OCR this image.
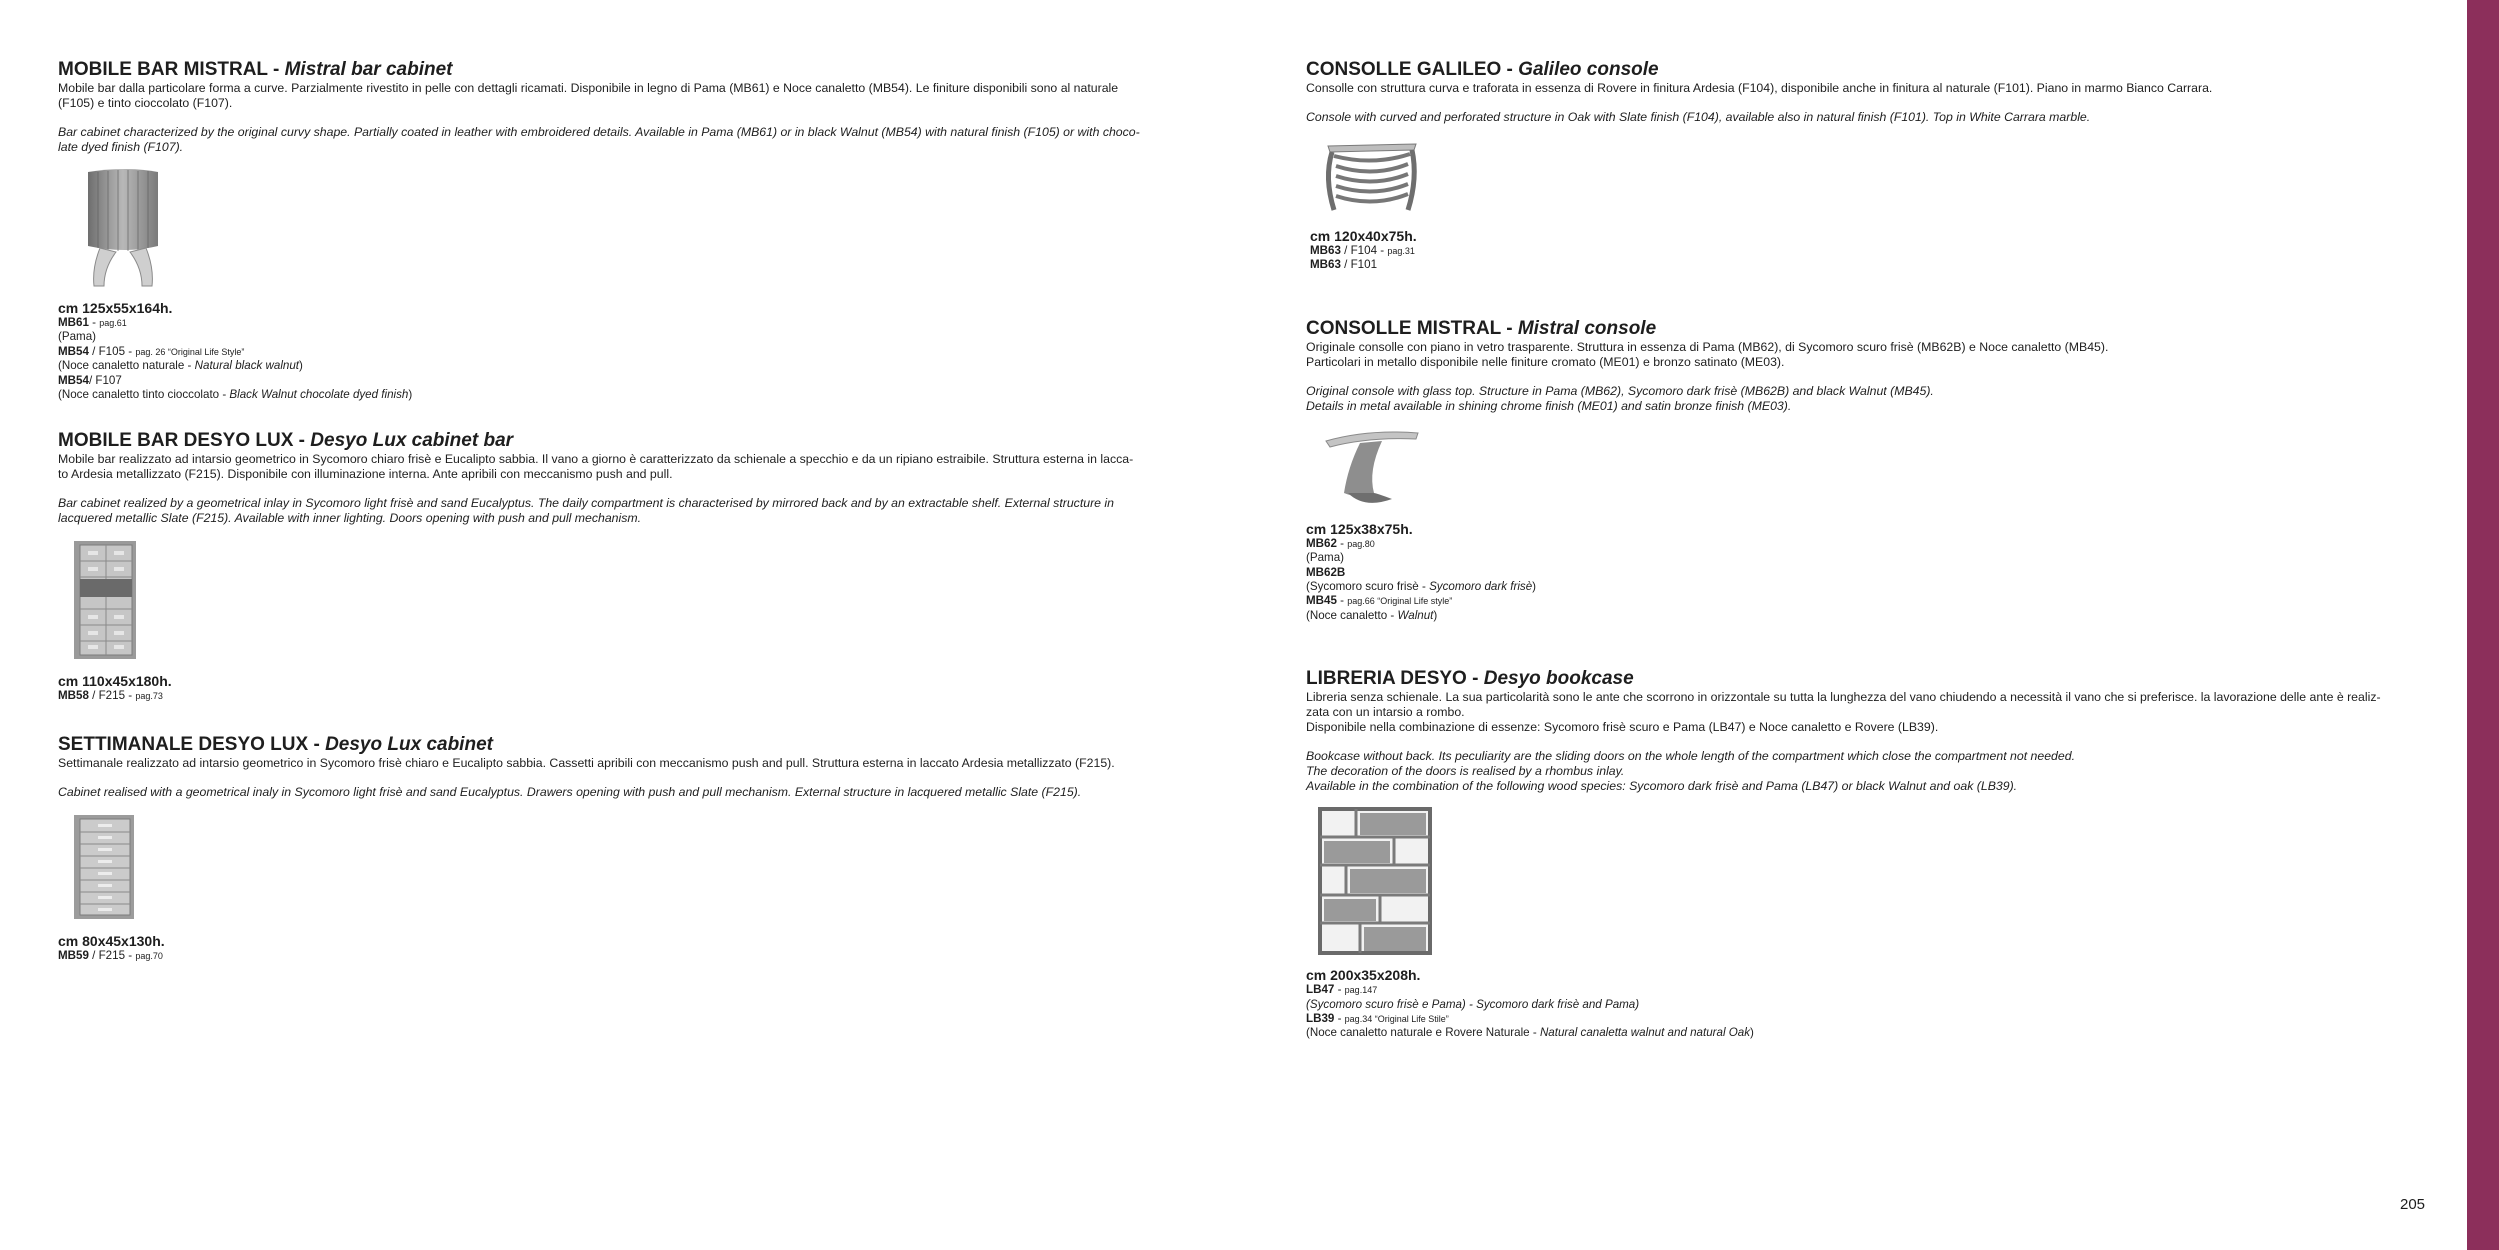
MOBILE BAR MISTRAL - Mistral bar cabinet

Mobile bar dalla particolare forma a curve. Parzialmente rivestito in pelle con dettagli ricamati. Disponibile in legno di Pama (MB61) e Noce canaletto (MB54). Le finiture disponibili sono al naturale
(F105) e tinto cioccolato (F107).

Bar cabinet characterized by the original curvy shape. Partially coated in leather with embroidered details. Available in Pama (MB61) or in black Walnut (MB54) with natural finish (F105) or with choco-
late dyed finish (F107).

cm 125x55x164h.

MB61 - pag.61
(Pama)
MB54 / F105 - pag. 26 “Original Life Style”
(Noce canaletto naturale - Natural black walnut)
MB54/ F107
(Noce canaletto tinto cioccolato - Black Walnut chocolate dyed finish)
MOBILE BAR DESYO LUX - Desyo Lux cabinet bar

Mobile bar realizzato ad intarsio geometrico in Sycomoro chiaro frisè e Eucalipto sabbia. Il vano a giorno è caratterizzato da schienale a specchio e da un ripiano estraibile. Struttura esterna in lacca-
to Ardesia metallizzato (F215). Disponibile con illuminazione interna. Ante apribili con meccanismo push and pull.

Bar cabinet realized by a geometrical inlay in Sycomoro light frisè and sand Eucalyptus. The daily compartment is characterised by mirrored back and by an extractable shelf. External structure in
lacquered metallic Slate (F215). Available with inner lighting. Doors opening with push and pull mechanism.

cm 110x45x180h.

MB58 / F215 - pag.73
SETTIMANALE DESYO LUX - Desyo Lux cabinet

Settimanale realizzato ad intarsio geometrico in Sycomoro frisè chiaro e Eucalipto sabbia. Cassetti apribili con meccanismo push and pull. Struttura esterna in laccato Ardesia metallizzato (F215).

Cabinet realised with a geometrical inaly in Sycomoro light frisè and sand Eucalyptus. Drawers opening with push and pull mechanism. External structure in lacquered metallic Slate (F215).

cm 80x45x130h.

MB59 / F215 - pag.70
CONSOLLE GALILEO - Galileo console

Consolle con struttura curva e traforata in essenza di Rovere in finitura Ardesia (F104), disponibile anche in finitura al naturale (F101). Piano in marmo Bianco Carrara.

Console with curved and perforated structure in Oak with Slate finish (F104), available also in natural finish (F101). Top in White Carrara marble.

cm 120x40x75h.

MB63 / F104 - pag.31
MB63 / F101
CONSOLLE MISTRAL - Mistral console

Originale consolle con piano in vetro trasparente. Struttura in essenza di Pama (MB62), di Sycomoro scuro frisè (MB62B) e Noce canaletto (MB45).
Particolari in metallo disponibile nelle finiture cromato (ME01) e bronzo satinato (ME03).

Original console with glass top. Structure in Pama (MB62), Sycomoro dark frisè (MB62B) and black Walnut (MB45).
Details in metal available in shining chrome finish (ME01) and satin bronze finish (ME03).

cm 125x38x75h.

MB62 - pag.80
(Pama)
MB62B
(Sycomoro scuro frisè - Sycomoro dark frisè)
MB45 - pag.66 “Original Life style”
(Noce canaletto - Walnut)
LIBRERIA DESYO - Desyo bookcase

Libreria senza schienale. La sua particolarità sono le ante che scorrono in orizzontale su tutta la lunghezza del vano chiudendo a necessità il vano che si preferisce. la lavorazione delle ante è realiz-
zata con un intarsio a rombo.
Disponibile nella combinazione di essenze: Sycomoro frisè scuro e Pama (LB47) e Noce canaletto e Rovere (LB39).

Bookcase without back. Its peculiarity are the sliding doors on the whole length of the compartment which close the compartment not needed.
The decoration of the doors is realised by a rhombus inlay.
Available in the combination of the following wood species: Sycomoro dark frisè and Pama (LB47) or black Walnut and oak (LB39).

cm 200x35x208h.

LB47 - pag.147
(Sycomoro scuro frisè e Pama) - Sycomoro dark frisè and Pama)
LB39 - pag.34 “Original Life Stile”
(Noce canaletto naturale e Rovere Naturale - Natural canaletta walnut and natural Oak)
205
